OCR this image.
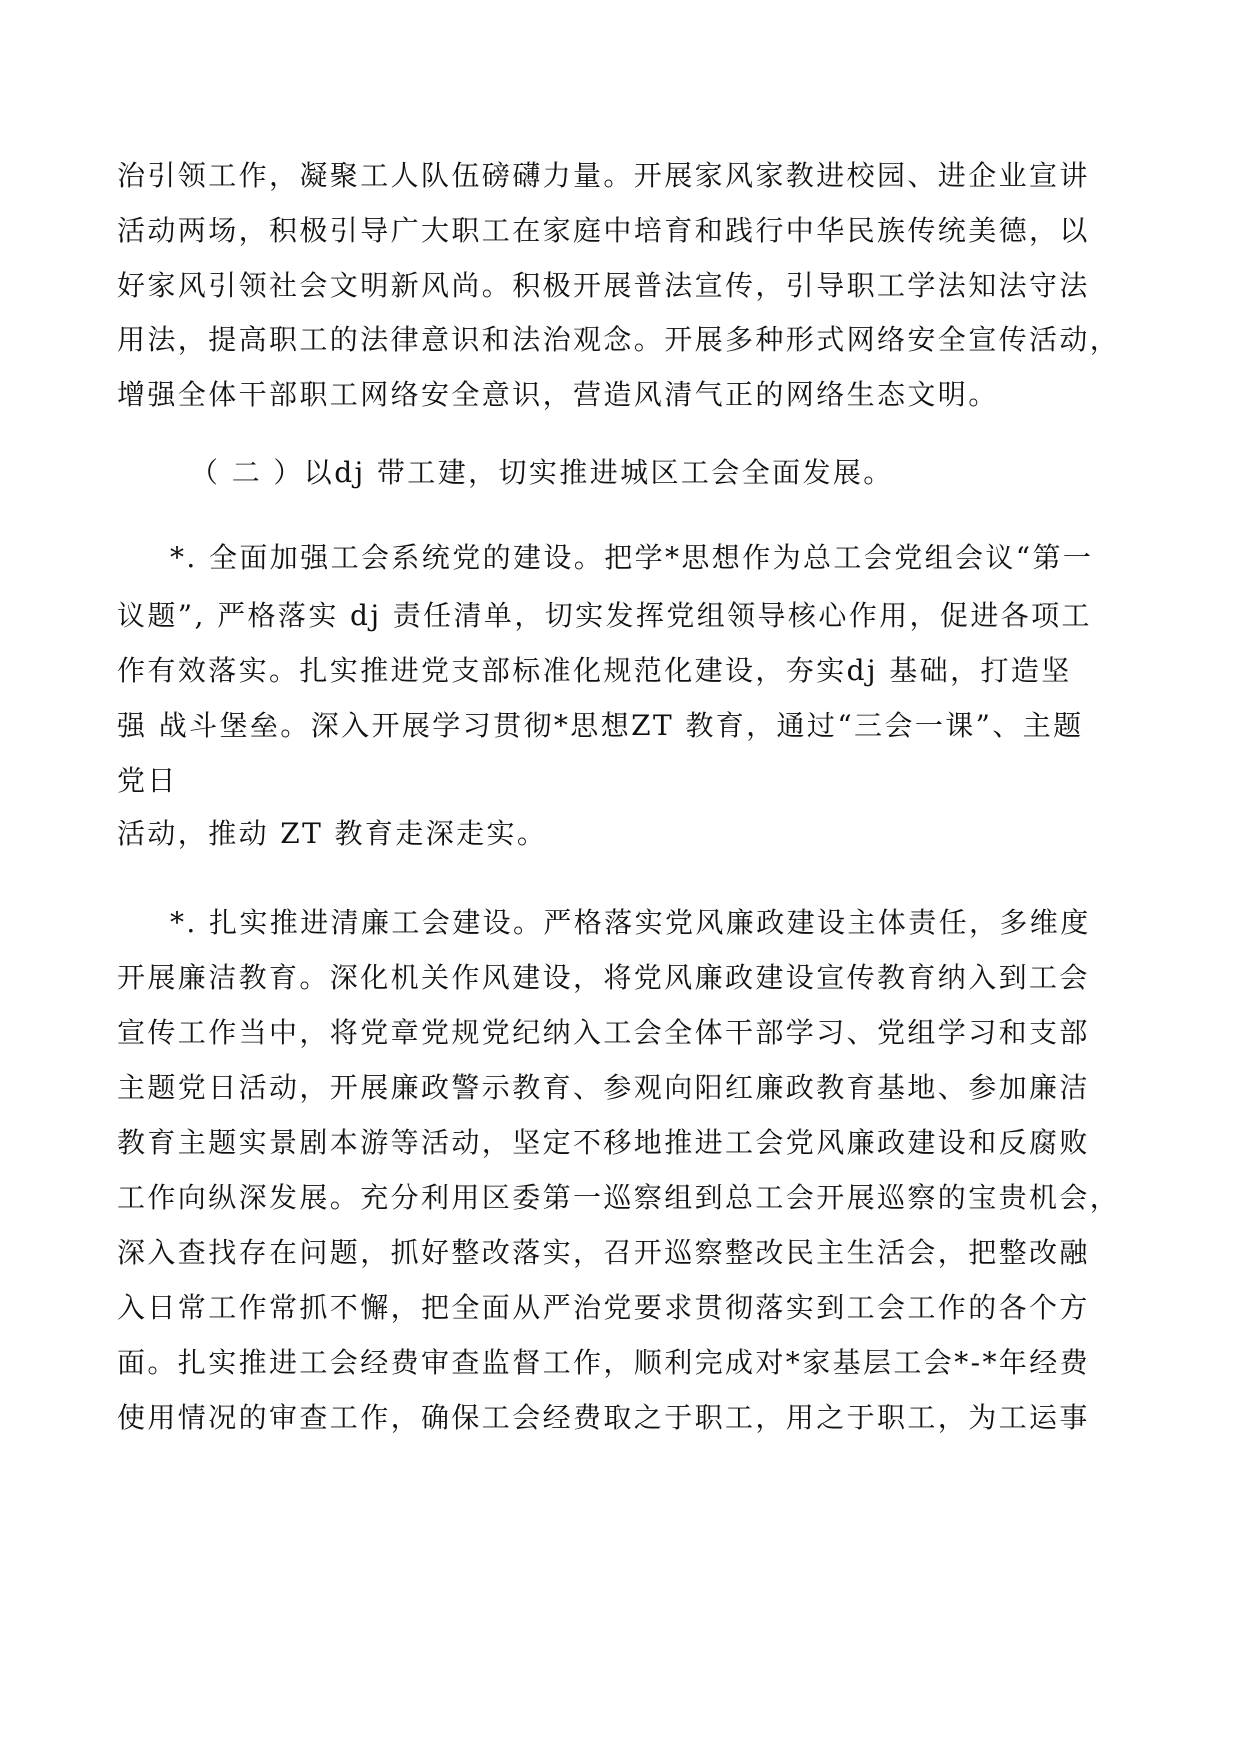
治引领工作，凝聚工人队伍磅礴力量。开展家风家教进校园、进企业宣讲
活动两场，积极引导广大职工在家庭中培育和践行中华民族传统美德，以
好家风引领社会文明新风尚。积极开展普法宣传，引导职工学法知法守法
用法，提高职工的法律意识和法治观念。开展多种形式网络安全宣传活动，
增强全体干部职工网络安全意识，营造风清气正的网络生态文明。
（ 二 ）以dj 带工建，切实推进城区工会全面发展。
*. 全面加强工会系统党的建设。把学*思想作为总工会党组会议“第一
议题”, 严格落实 dj 责任清单，切实发挥党组领导核心作用，促进各项工
作有效落实。扎实推进党支部标准化规范化建设，夯实dj 基础，打造坚
强 战斗堡垒。深入开展学习贯彻*思想ZT 教育，通过“三会一课”、主题
党日
活动，推动 ZT 教育走深走实。
*. 扎实推进清廉工会建设。严格落实党风廉政建设主体责任，多维度
开展廉洁教育。深化机关作风建设，将党风廉政建设宣传教育纳入到工会
宣传工作当中，将党章党规党纪纳入工会全体干部学习、党组学习和支部
主题党日活动，开展廉政警示教育、参观向阳红廉政教育基地、参加廉洁
教育主题实景剧本游等活动，坚定不移地推进工会党风廉政建设和反腐败
工作向纵深发展。充分利用区委第一巡察组到总工会开展巡察的宝贵机会，
深入查找存在问题，抓好整改落实，召开巡察整改民主生活会，把整改融
入日常工作常抓不懈，把全面从严治党要求贯彻落实到工会工作的各个方
面。扎实推进工会经费审查监督工作，顺利完成对*家基层工会*-*年经费
使用情况的审查工作，确保工会经费取之于职工，用之于职工，为工运事
